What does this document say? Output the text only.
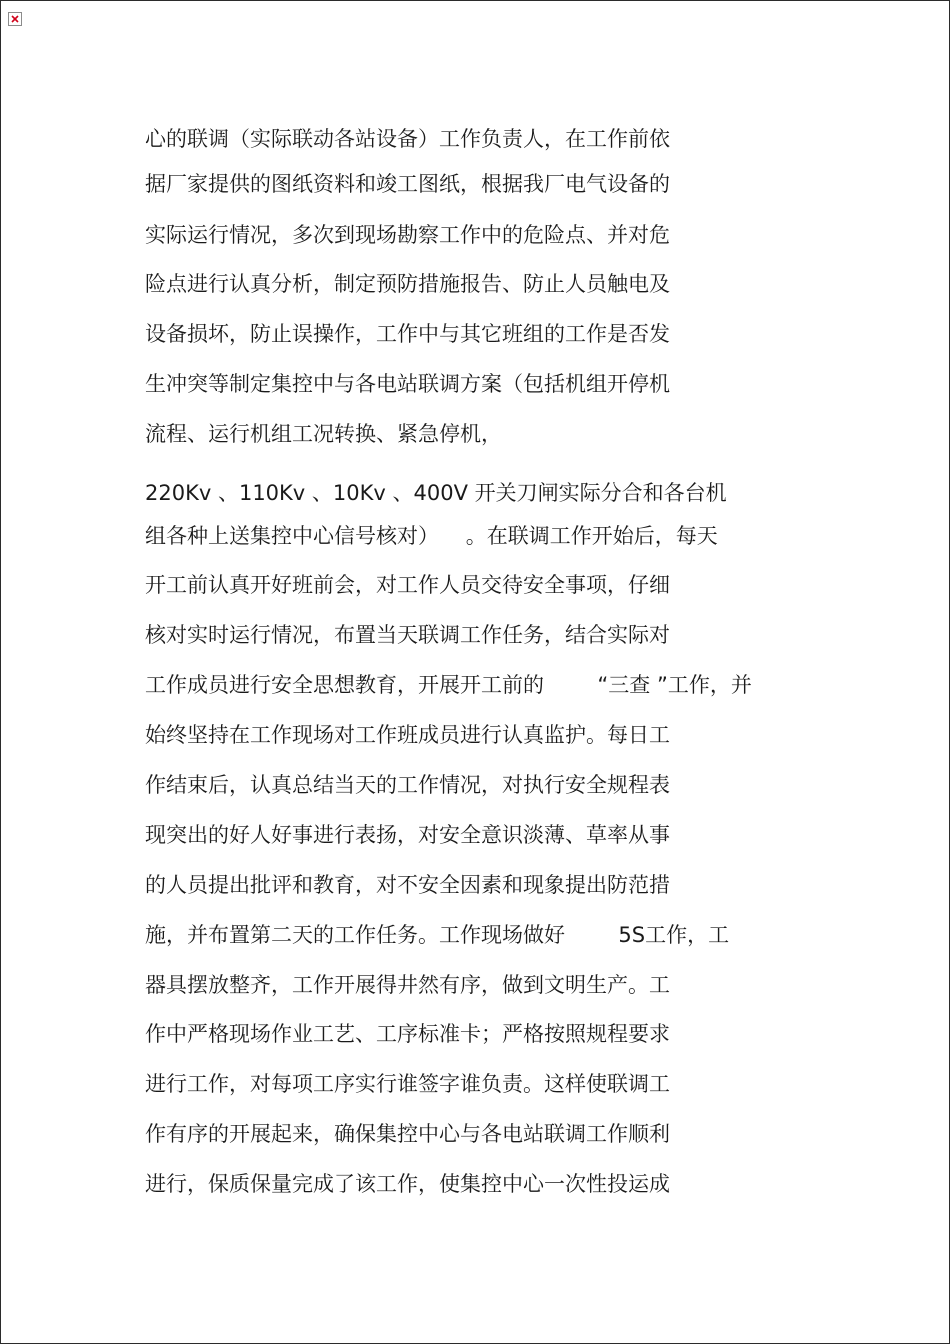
心的联调（实际联动各站设备）工作负责人，在工作前依
据厂家提供的图纸资料和竣工图纸，根据我厂电气设备的
实际运行情况，多次到现场勘察工作中的危险点、并对危
险点进行认真分析，制定预防措施报告、防止人员触电及
设备损坏，防止误操作，工作中与其它班组的工作是否发
生冲突等制定集控中与各电站联调方案（包括机组开停机
流程、运行机组工况转换、紧急停机，
220Kv 、110Kv 、10Kv 、400V 开关刀闸实际分合和各台机
组各种上送集控中心信号核对）    。在联调工作开始后，每天
开工前认真开好班前会，对工作人员交待安全事项，仔细
核对实时运行情况，布置当天联调工作任务，结合实际对
工作成员进行安全思想教育，开展开工前的        “三查 ”工作，并
始终坚持在工作现场对工作班成员进行认真监护。每日工
作结束后，认真总结当天的工作情况，对执行安全规程表
现突出的好人好事进行表扬，对安全意识淡薄、草率从事
的人员提出批评和教育，对不安全因素和现象提出防范措
施，并布置第二天的工作任务。工作现场做好        5S工作，工
器具摆放整齐，工作开展得井然有序，做到文明生产。工
作中严格现场作业工艺、工序标准卡；严格按照规程要求
进行工作，对每项工序实行谁签字谁负责。这样使联调工
作有序的开展起来，确保集控中心与各电站联调工作顺利
进行，保质保量完成了该工作，使集控中心一次性投运成
